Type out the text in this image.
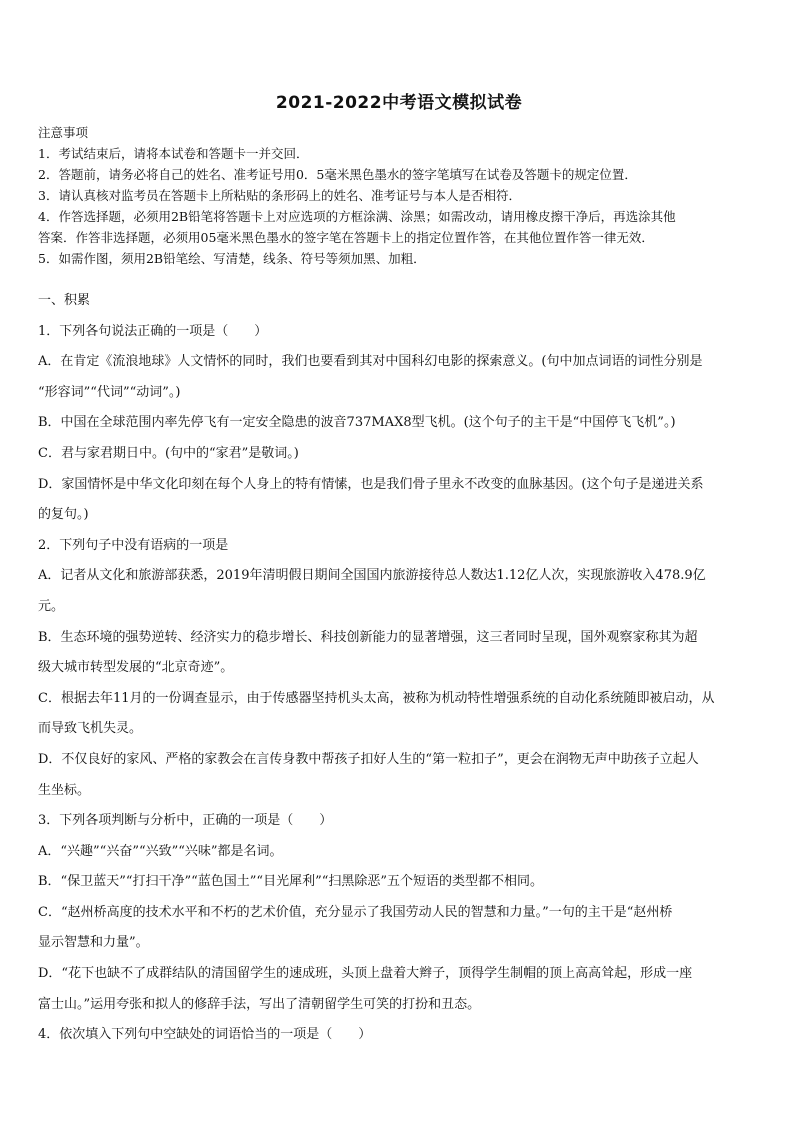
2021-2022中考语文模拟试卷
注意事项
1．考试结束后，请将本试卷和答题卡一并交回．
2．答题前，请务必将自己的姓名、准考证号用0．5毫米黑色墨水的签字笔填写在试卷及答题卡的规定位置．
3．请认真核对监考员在答题卡上所粘贴的条形码上的姓名、准考证号与本人是否相符．
4．作答选择题，必须用2B铅笔将答题卡上对应选项的方框涂满、涂黑；如需改动，请用橡皮擦干净后，再选涂其他
答案．作答非选择题，必须用05毫米黑色墨水的签字笔在答题卡上的指定位置作答，在其他位置作答一律无效．
5．如需作图，须用2B铅笔绘、写清楚，线条、符号等须加黑、加粗．
一、积累
1．下列各句说法正确的一项是（　　）
A．在肯定《流浪地球》人文情怀的同时，我们也要看到其对中国科幻电影的探索意义。(句中加点词语的词性分别是
“形容词”“代词”“动词”。)
B．中国在全球范围内率先停飞有一定安全隐患的波音737MAX8型飞机。(这个句子的主干是“中国停飞飞机”。)
C．君与家君期日中。(句中的“家君”是敬词。)
D．家国情怀是中华文化印刻在每个人身上的特有情愫，也是我们骨子里永不改变的血脉基因。(这个句子是递进关系
的复句。)
2．下列句子中没有语病的一项是
A．记者从文化和旅游部获悉，2019年清明假日期间全国国内旅游接待总人数达1.12亿人次，实现旅游收入478.9亿
元。
B．生态环境的强势逆转、经济实力的稳步增长、科技创新能力的显著增强，这三者同时呈现，国外观察家称其为超
级大城市转型发展的“北京奇迹”。
C．根据去年11月的一份调查显示，由于传感器坚持机头太高，被称为机动特性增强系统的自动化系统随即被启动，从
而导致飞机失灵。
D．不仅良好的家风、严格的家教会在言传身教中帮孩子扣好人生的“第一粒扣子”，更会在润物无声中助孩子立起人
生坐标。
3．下列各项判断与分析中，正确的一项是（　　）
A．“兴趣”“兴奋”“兴致”“兴味”都是名词。
B．“保卫蓝天”“打扫干净”“蓝色国土”“目光犀利”“扫黑除恶”五个短语的类型都不相同。
C．“赵州桥高度的技术水平和不朽的艺术价值，充分显示了我国劳动人民的智慧和力量。”一句的主干是“赵州桥
显示智慧和力量”。
D．“花下也缺不了成群结队的清国留学生的速成班，头顶上盘着大辫子，顶得学生制帽的顶上高高耸起，形成一座
富士山。”运用夸张和拟人的修辞手法，写出了清朝留学生可笑的打扮和丑态。
4．依次填入下列句中空缺处的词语恰当的一项是（　　）
